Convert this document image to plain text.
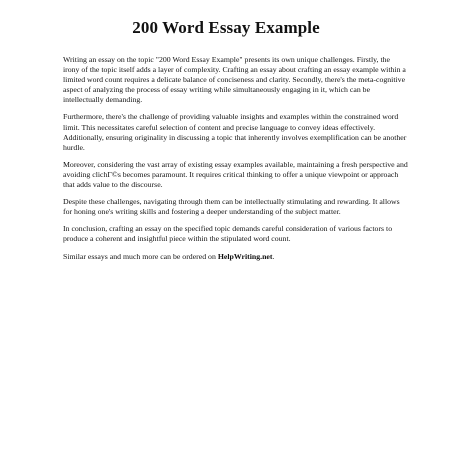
200 Word Essay Example

Writing an essay on the topic "200 Word Essay Example" presents its own unique challenges. Firstly, the irony of the topic itself adds a layer of complexity. Crafting an essay about crafting an essay example within a limited word count requires a delicate balance of conciseness and clarity. Secondly, there's the meta-cognitive aspect of analyzing the process of essay writing while simultaneously engaging in it, which can be intellectually demanding.

Furthermore, there's the challenge of providing valuable insights and examples within the constrained word limit. This necessitates careful selection of content and precise language to convey ideas effectively. Additionally, ensuring originality in discussing a topic that inherently involves exemplification can be another hurdle.

Moreover, considering the vast array of existing essay examples available, maintaining a fresh perspective and avoiding clichГ©s becomes paramount. It requires critical thinking to offer a unique viewpoint or approach that adds value to the discourse.

Despite these challenges, navigating through them can be intellectually stimulating and rewarding. It allows for honing one's writing skills and fostering a deeper understanding of the subject matter.

In conclusion, crafting an essay on the specified topic demands careful consideration of various factors to produce a coherent and insightful piece within the stipulated word count.

Similar essays and much more can be ordered on HelpWriting.net.
